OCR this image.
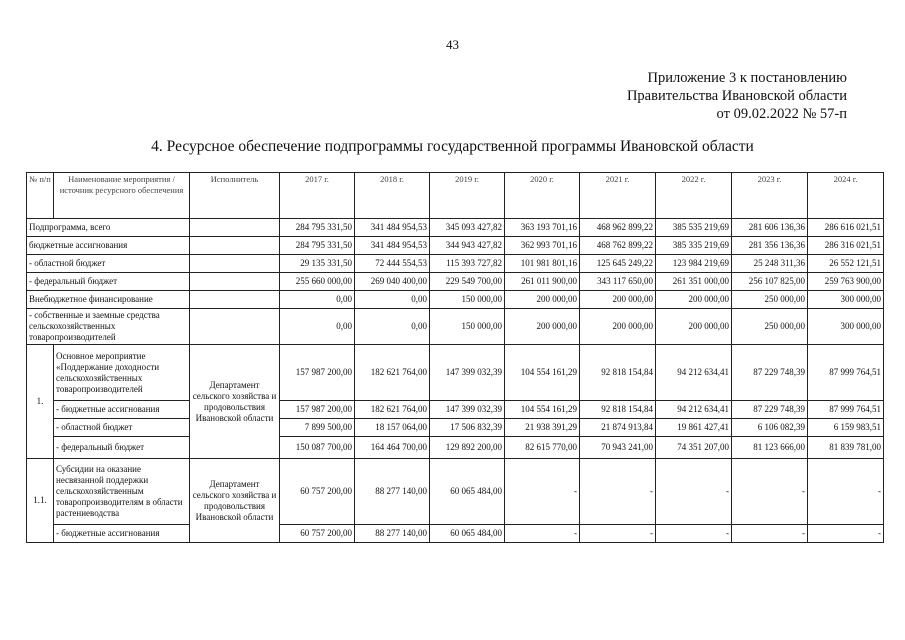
43
Приложение 3 к постановлению
Правительства Ивановской области
от 09.02.2022 № 57-п
4. Ресурсное обеспечение подпрограммы государственной программы Ивановской области
№ п/п	Наименование мероприятия / источник ресурсного обеспечения	Исполнитель	2017 г.	2018 г.	2019 г.	2020 г.	2021 г.	2022 г.	2023 г.	2024 г.
Подпрограмма, всего			284 795 331,50	341 484 954,53	345 093 427,82	363 193 701,16	468 962 899,22	385 535 219,69	281 606 136,36	286 616 021,51
бюджетные ассигнования			284 795 331,50	341 484 954,53	344 943 427,82	362 993 701,16	468 762 899,22	385 335 219,69	281 356 136,36	286 316 021,51
- областной бюджет			29 135 331,50	72 444 554,53	115 393 727,82	101 981 801,16	125 645 249,22	123 984 219,69	25 248 311,36	26 552 121,51
- федеральный бюджет			255 660 000,00	269 040 400,00	229 549 700,00	261 011 900,00	343 117 650,00	261 351 000,00	256 107 825,00	259 763 900,00
Внебюджетное финансирование			0,00	0,00	150 000,00	200 000,00	200 000,00	200 000,00	250 000,00	300 000,00
- собственные и заемные средства сельскохозяйственных товаропроизводителей			0,00	0,00	150 000,00	200 000,00	200 000,00	200 000,00	250 000,00	300 000,00
1.	Основное мероприятие «Поддержание доходности сельскохозяйственных товаропроизводителей	Департамент сельского хозяйства и продовольствия Ивановской области	157 987 200,00	182 621 764,00	147 399 032,39	104 554 161,29	92 818 154,84	94 212 634,41	87 229 748,39	87 999 764,51
	- бюджетные ассигнования		157 987 200,00	182 621 764,00	147 399 032,39	104 554 161,29	92 818 154,84	94 212 634,41	87 229 748,39	87 999 764,51
	- областной бюджет		7 899 500,00	18 157 064,00	17 506 832,39	21 938 391,29	21 874 913,84	19 861 427,41	6 106 082,39	6 159 983,51
	- федеральный бюджет		150 087 700,00	164 464 700,00	129 892 200,00	82 615 770,00	70 943 241,00	74 351 207,00	81 123 666,00	81 839 781,00
1.1.	Субсидии на оказание несвязанной поддержки сельскохозяйственным товаропроизводителям в области растениеводства	Департамент сельского хозяйства и продовольствия Ивановской области	60 757 200,00	88 277 140,00	60 065 484,00	-	-	-	-	-
	- бюджетные ассигнования		60 757 200,00	88 277 140,00	60 065 484,00	-	-	-	-	-
